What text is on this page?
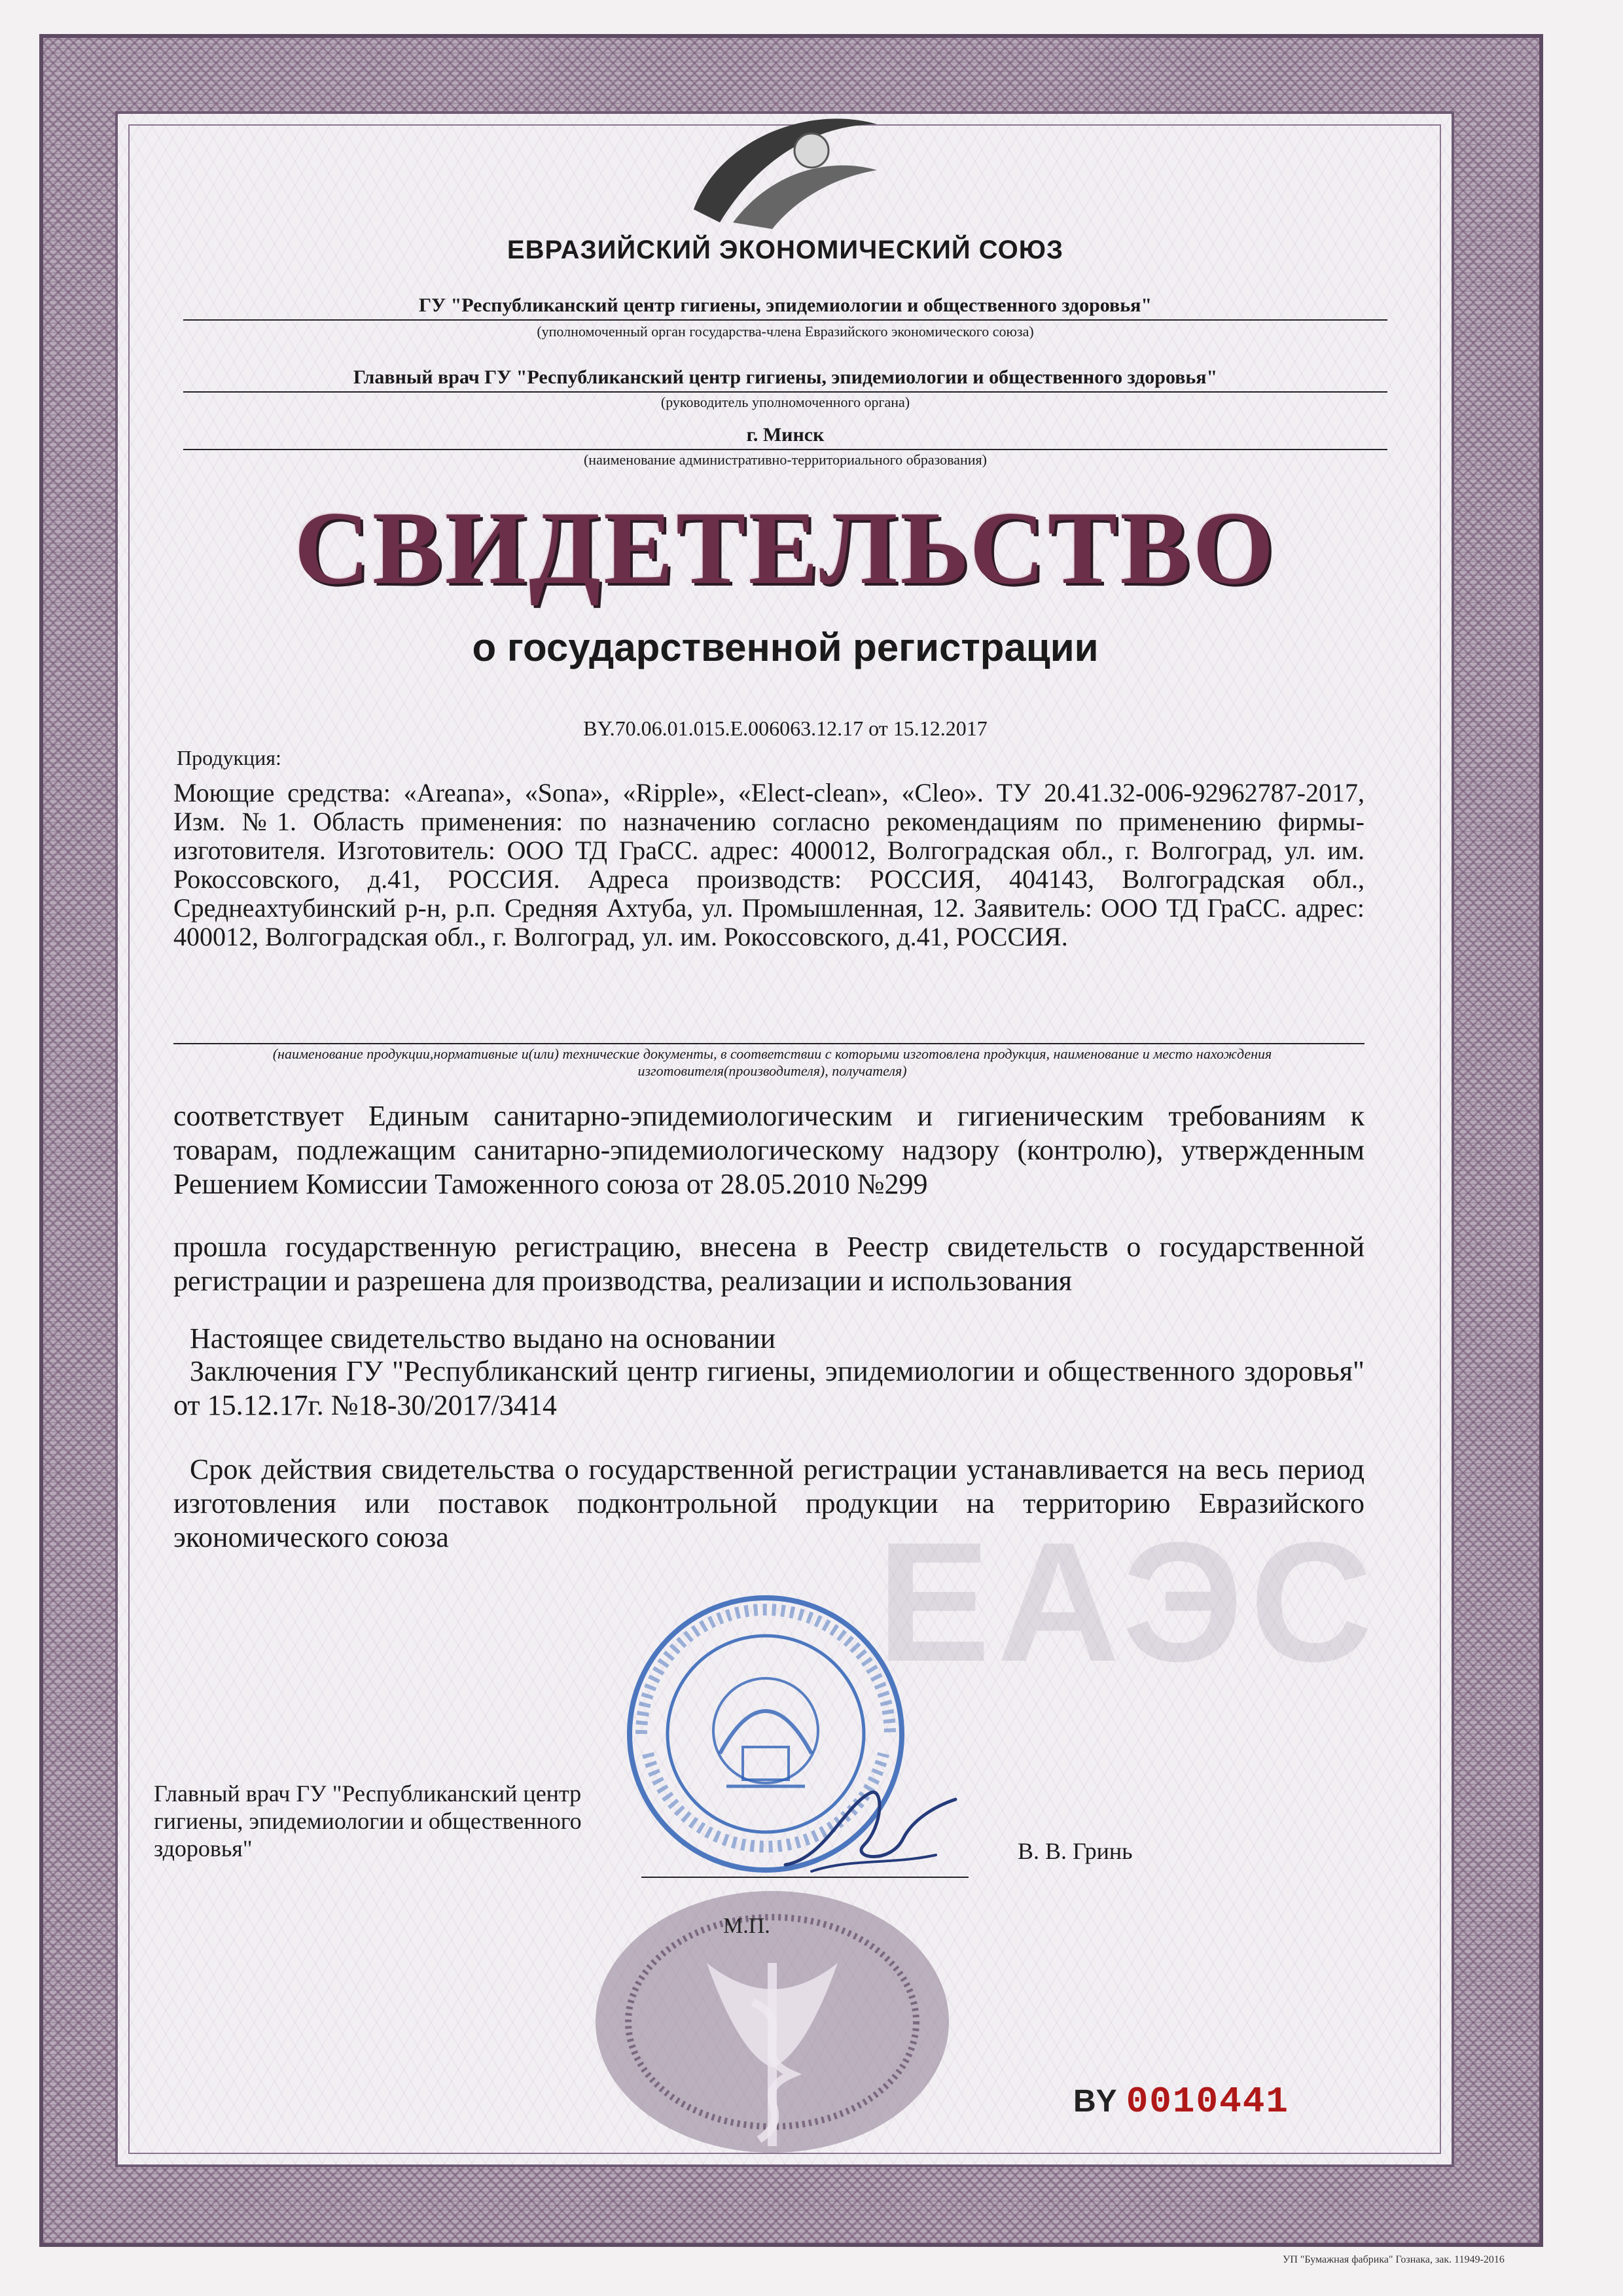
ЕВРАЗИЙСКИЙ ЭКОНОМИЧЕСКИЙ СОЮЗ
ГУ "Республиканский центр гигиены, эпидемиологии и общественного здоровья"
(уполномоченный орган государства-члена Евразийского экономического союза)
Главный врач ГУ "Республиканский центр гигиены, эпидемиологии и общественного здоровья"
(руководитель уполномоченного органа)
г. Минск
(наименование административно-территориального образования)
СВИДЕТЕЛЬСТВО
о государственной регистрации
BY.70.06.01.015.E.006063.12.17 от 15.12.2017
Продукция:
Моющие средства: «Areana», «Sona», «Ripple», «Elect-clean», «Cleo». ТУ 20.41.32-006-92962787-2017, Изм. №1. Область применения: по назначению согласно рекомендациям по применению фирмы-изготовителя. Изготовитель: ООО ТД ГраСС. адрес: 400012, Волгоградская обл., г. Волгоград, ул. им. Рокоссовского, д.41, РОССИЯ. Адреса производств: РОССИЯ, 404143, Волгоградская обл., Среднеахтубинский р-н, р.п. Средняя Ахтуба, ул. Промышленная, 12. Заявитель: ООО ТД ГраСС. адрес: 400012, Волгоградская обл., г. Волгоград, ул. им. Рокоссовского, д.41, РОССИЯ.
(наименование продукции,нормативные и(или) технические документы, в соответствии с которыми изготовлена продукция, наименование и место нахождения изготовителя(производителя), получателя)
соответствует Единым санитарно-эпидемиологическим и гигиеническим требованиям к товарам, подлежащим санитарно-эпидемиологическому надзору (контролю), утвержденным Решением Комиссии Таможенного союза от 28.05.2010 №299
прошла государственную регистрацию, внесена в Реестр свидетельств о государственной регистрации и разрешена для производства, реализации и использования
Настоящее свидетельство выдано на основании
Заключения ГУ "Республиканский центр гигиены, эпидемиологии и общественного здоровья" от 15.12.17г. №18-30/2017/3414
ЕАЭС
Срок действия свидетельства о государственной регистрации устанавливается на весь период изготовления или поставок подконтрольной продукции на территорию Евразийского экономического союза
Главный врач ГУ "Республиканский центр гигиены, эпидемиологии и общественного здоровья"	В. В. Гринь
М.П.
BY 0010441
УП "Бумажная фабрика" Гознака, зак. 11949-2016
